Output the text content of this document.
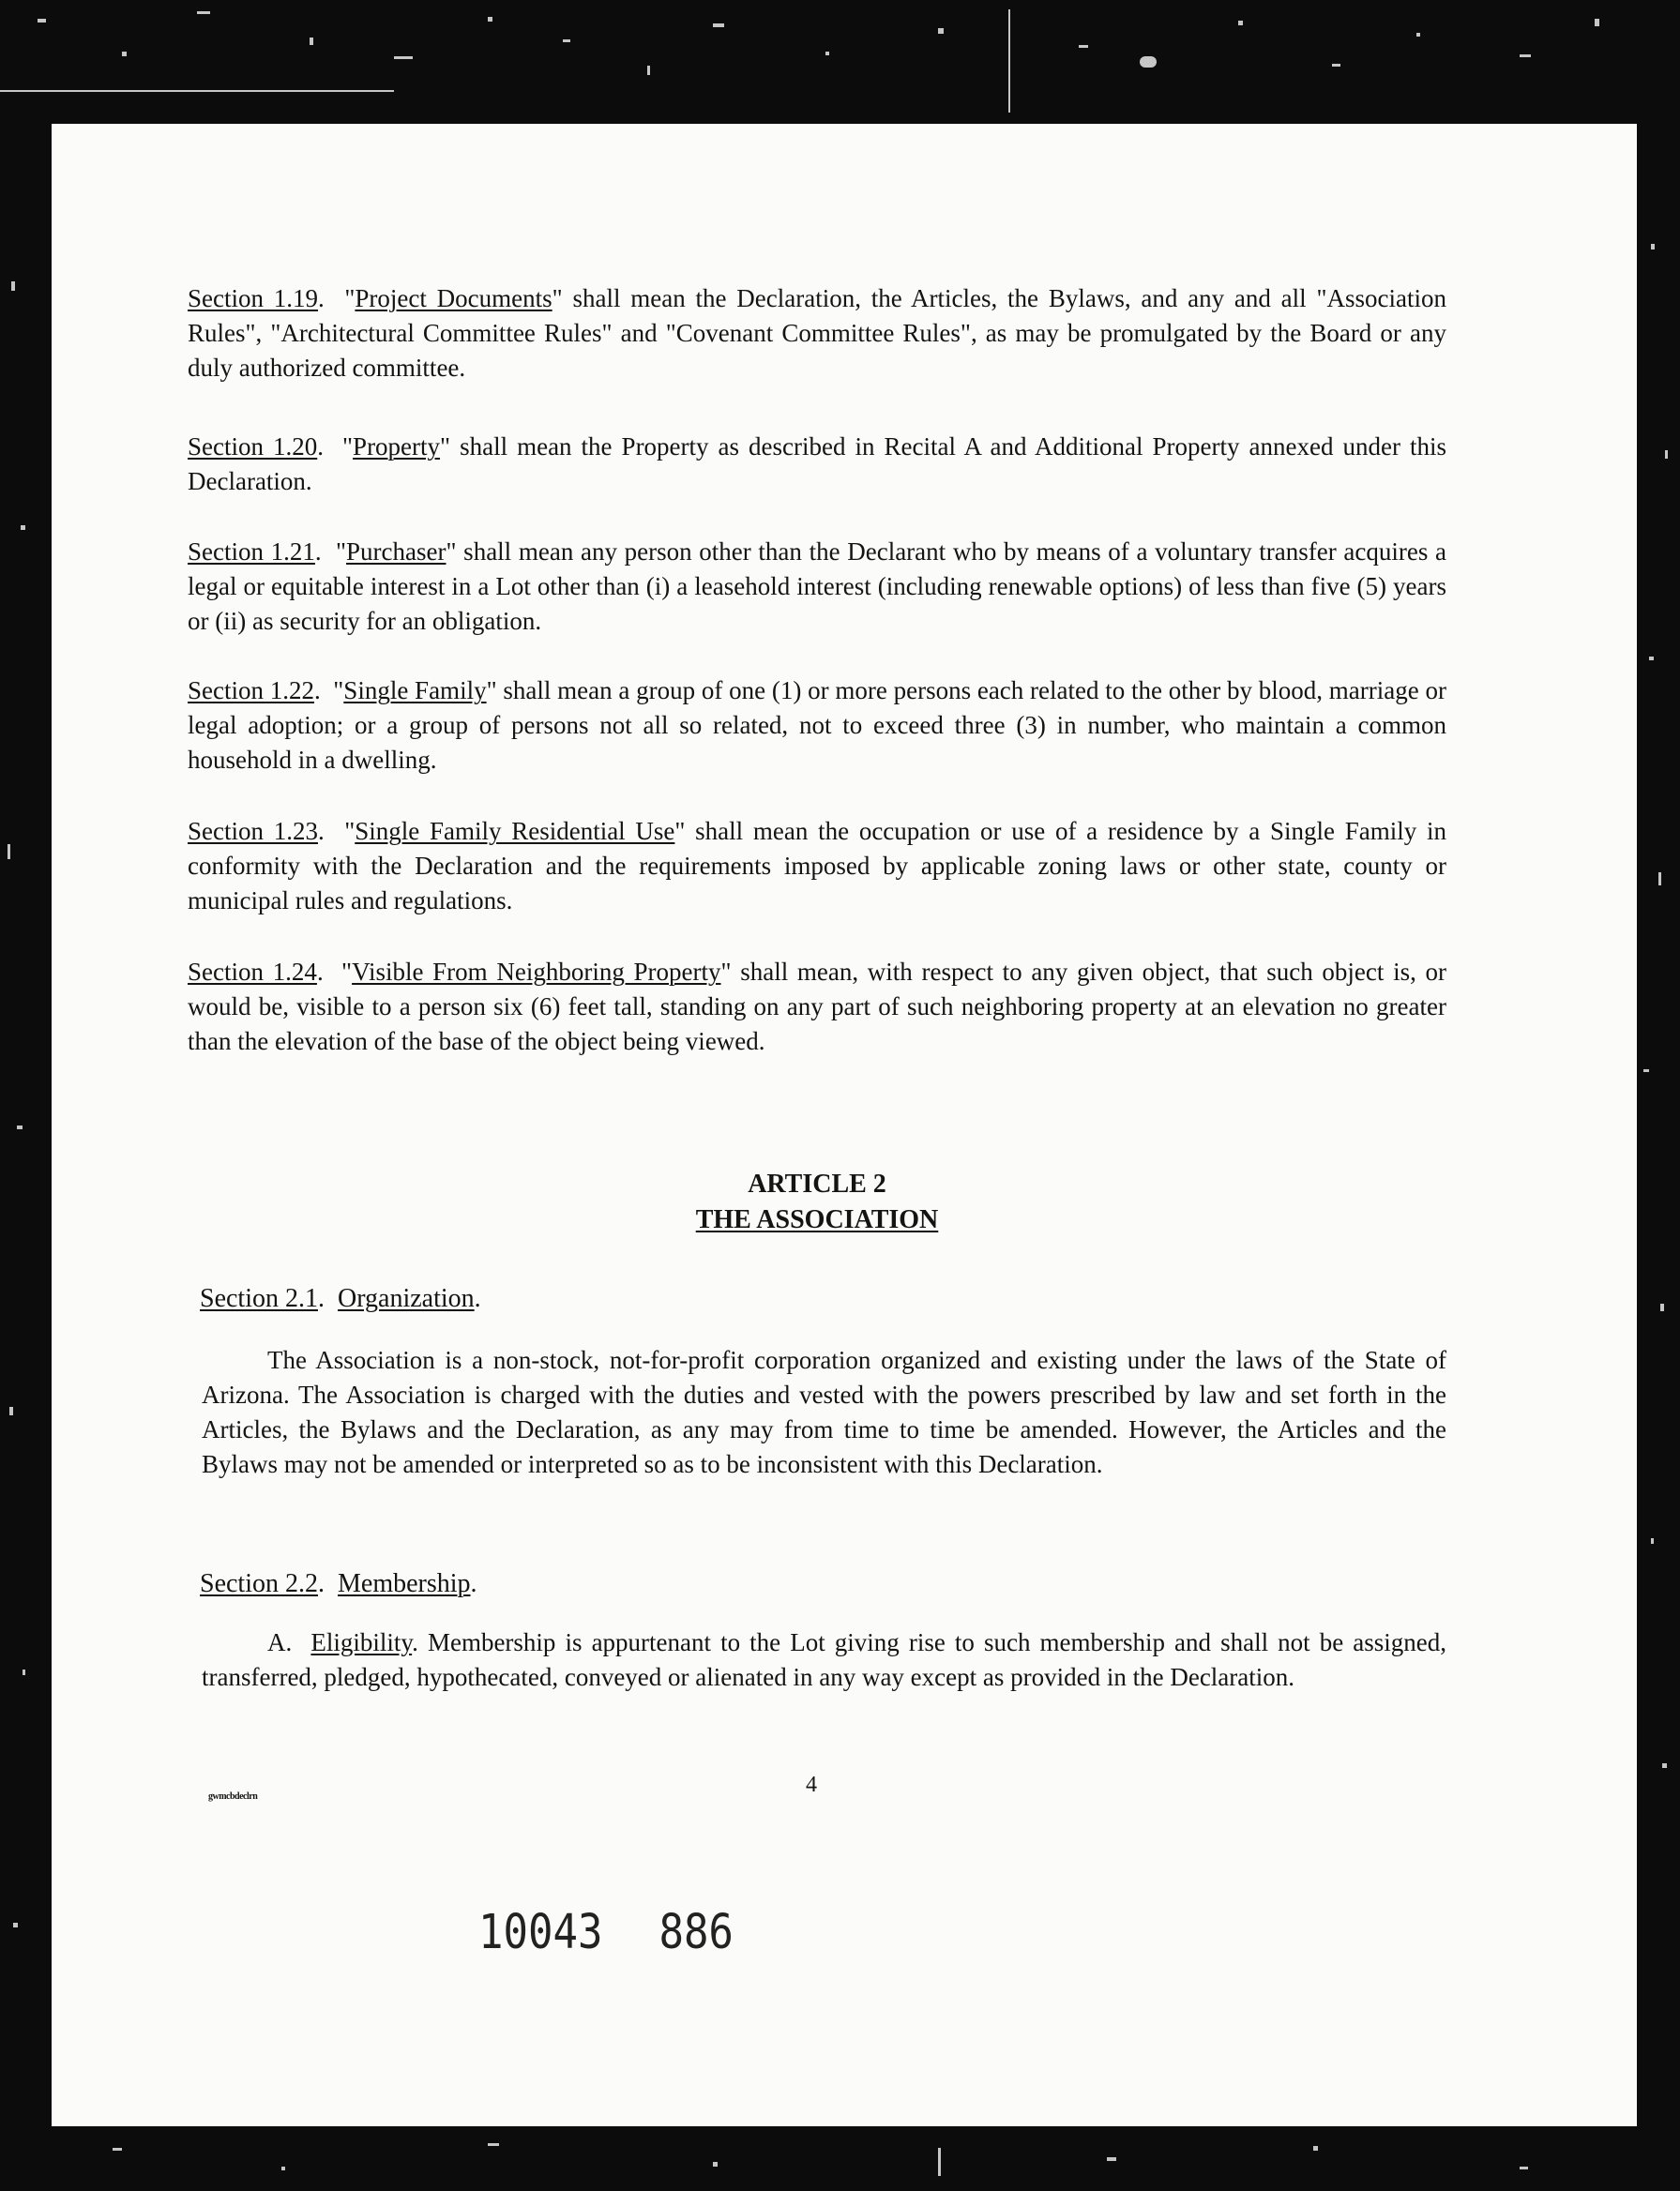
Section 1.19.  "Project Documents" shall mean the Declaration, the Articles, the Bylaws, and any and all "Association Rules", "Architectural Committee Rules" and "Covenant Committee Rules", as may be promulgated by the Board or any duly authorized committee.
Section 1.20.  "Property" shall mean the Property as described in Recital A and Additional Property annexed under this Declaration.
Section 1.21.  "Purchaser" shall mean any person other than the Declarant who by means of a voluntary transfer acquires a legal or equitable interest in a Lot other than (i) a leasehold interest (including renewable options) of less than five (5) years or (ii) as security for an obligation.
Section 1.22.  "Single Family" shall mean a group of one (1) or more persons each related to the other by blood, marriage or legal adoption; or a group of persons not all so related, not to exceed three (3) in number, who maintain a common household in a dwelling.
Section 1.23.  "Single Family Residential Use" shall mean the occupation or use of a residence by a Single Family in conformity with the Declaration and the requirements imposed by applicable zoning laws or other state, county or municipal rules and regulations.
Section 1.24.  "Visible From Neighboring Property" shall mean, with respect to any given object, that such object is, or would be, visible to a person six (6) feet tall, standing on any part of such neighboring property at an elevation no greater than the elevation of the base of the object being viewed.
ARTICLE 2
THE ASSOCIATION
Section 2.1.  Organization.
The Association is a non-stock, not-for-profit corporation organized and existing under the laws of the State of Arizona. The Association is charged with the duties and vested with the powers prescribed by law and set forth in the Articles, the Bylaws and the Declaration, as any may from time to time be amended. However, the Articles and the Bylaws may not be amended or interpreted so as to be inconsistent with this Declaration.
Section 2.2.  Membership.
A. Eligibility. Membership is appurtenant to the Lot giving rise to such membership and shall not be assigned, transferred, pledged, hypothecated, conveyed or alienated in any way except as provided in the Declaration.
gwmcbdeclrn	4
10043 886
